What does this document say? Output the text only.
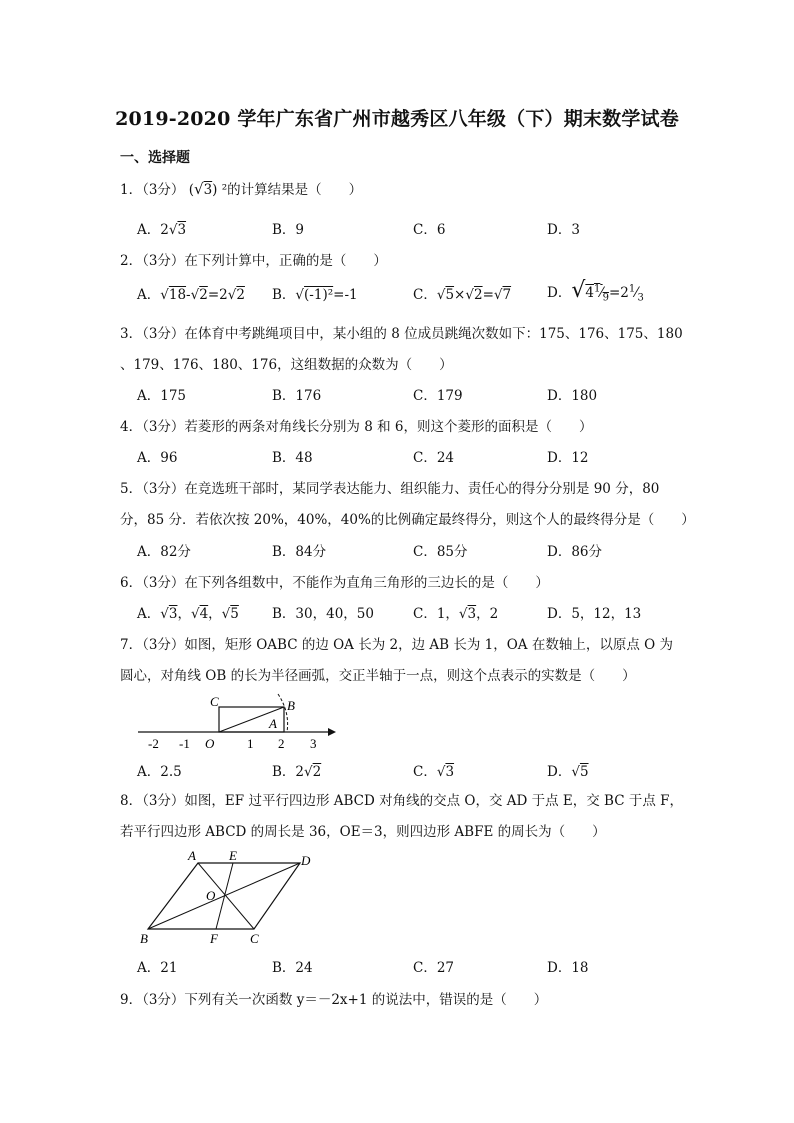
2019-2020 学年广东省广州市越秀区八年级（下）期末数学试卷
一、选择题
1．（3分） (√3) ²的计算结果是（　　）
A．2√3	B．9	C．6	D．3
2．（3分）在下列计算中，正确的是（　　）
A．√18-√2=2√2 B．√(-1)²=-1	C．√5×√2=√7	D．$√4^1⁄_9=2^1⁄_3$
3．（3分）在体育中考跳绳项目中，某小组的 8 位成员跳绳次数如下：175、176、175、180
、179、176、180、176，这组数据的众数为（　　）
A．175	B．176	C．179	D．180
4．（3分）若菱形的两条对角线长分别为 8 和 6，则这个菱形的面积是（　　）
A．96	B．48	C．24	D．12
5．（3分）在竞选班干部时，某同学表达能力、组织能力、责任心的得分分别是 90 分，80
分，85 分．若依次按 20%，40%，40%的比例确定最终得分，则这个人的最终得分是（　　）
A．82分	B．84分	C．85分	D．86分
6．（3分）在下列各组数中，不能作为直角三角形的三边长的是（　　）
A．√3，√4，√5 B．30，40，50	C．1，√3，2	D．5，12，13
7．（3分）如图，矩形 OABC 的边 OA 长为 2，边 AB 长为 1，OA 在数轴上，以原点 O 为
圆心，对角线 OB 的长为半径画弧，交正半轴于一点，则这个点表示的实数是（　　）
C	B
A
-2 -1 O	1 2 3
A．2.5	B．2√2	C．√3	D．√5
8．（3分）如图，EF 过平行四边形 ABCD 对角线的交点 O，交 AD 于点 E，交 BC 于点 F，
若平行四边形 ABCD 的周长是 36，OE＝3，则四边形 ABFE 的周长为（　　）
A	E	D
O
B	F C
A．21	B．24	C．27	D．18
9．（3分）下列有关一次函数 y＝－2x+1 的说法中，错误的是（　　）
